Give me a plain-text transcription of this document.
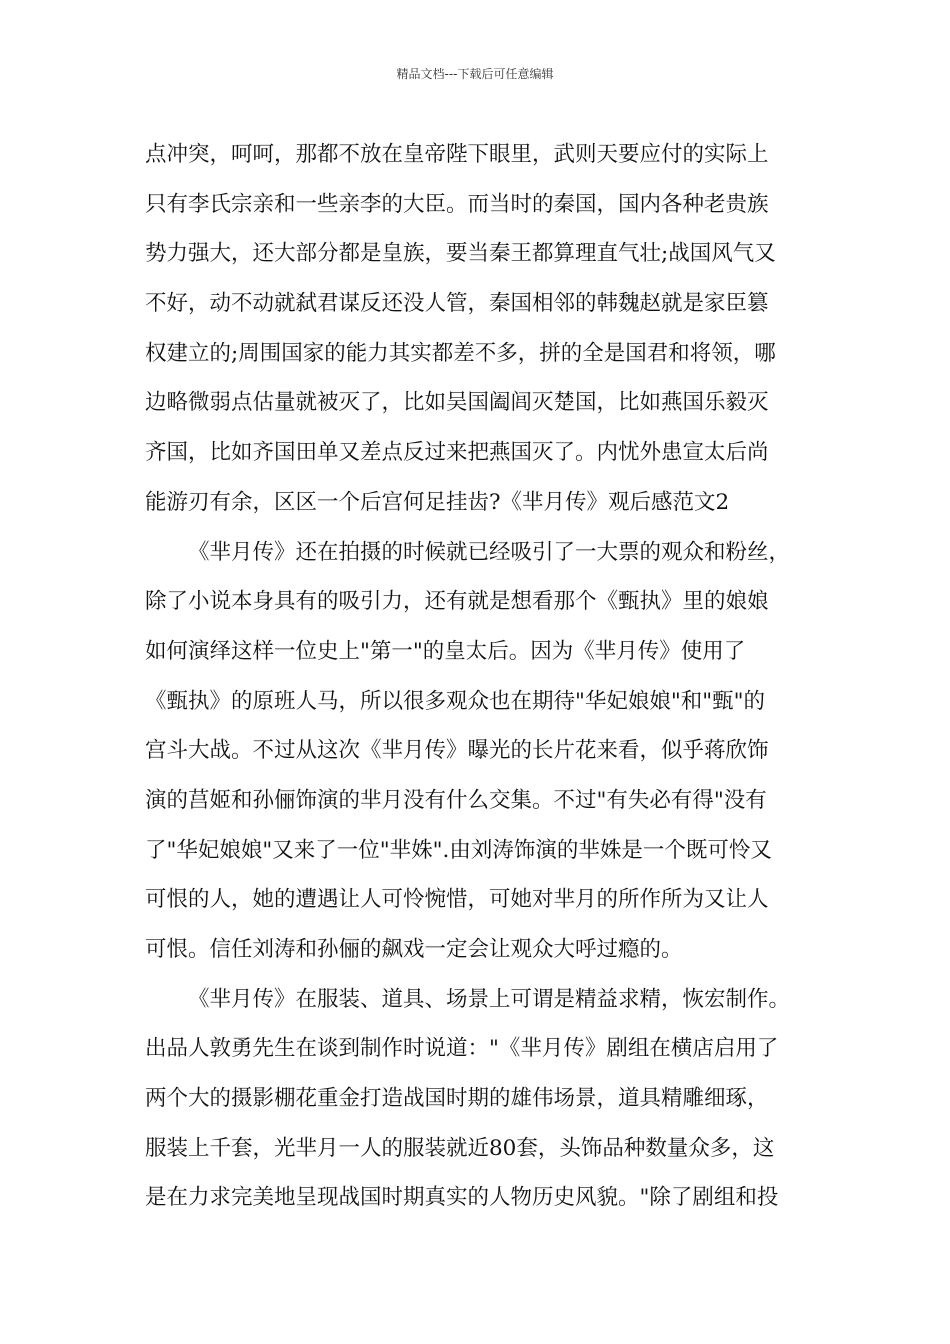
精品文档---下载后可任意编辑
点冲突，呵呵，那都不放在皇帝陛下眼里，武则天要应付的实际上
只有李氏宗亲和一些亲李的大臣。而当时的秦国，国内各种老贵族
势力强大，还大部分都是皇族，要当秦王都算理直气壮;战国风气又
不好，动不动就弑君谋反还没人管，秦国相邻的韩魏赵就是家臣篡
权建立的;周围国家的能力其实都差不多，拼的全是国君和将领，哪
边略微弱点估量就被灭了，比如吴国阖闾灭楚国，比如燕国乐毅灭
齐国，比如齐国田单又差点反过来把燕国灭了。内忧外患宣太后尚
能游刃有余，区区一个后宫何足挂齿?《芈月传》观后感范文2
《芈月传》还在拍摄的时候就已经吸引了一大票的观众和粉丝，
除了小说本身具有的吸引力，还有就是想看那个《甄执》里的娘娘
如何演绎这样一位史上"第一"的皇太后。因为《芈月传》使用了
《甄执》的原班人马，所以很多观众也在期待"华妃娘娘"和"甄"的
宫斗大战。不过从这次《芈月传》曝光的长片花来看，似乎蒋欣饰
演的莒姬和孙俪饰演的芈月没有什么交集。不过"有失必有得"没有
了"华妃娘娘"又来了一位"芈姝".由刘涛饰演的芈姝是一个既可怜又
可恨的人，她的遭遇让人可怜惋惜，可她对芈月的所作所为又让人
可恨。信任刘涛和孙俪的飙戏一定会让观众大呼过瘾的。
《芈月传》在服装、道具、场景上可谓是精益求精，恢宏制作。
出品人敦勇先生在谈到制作时说道："《芈月传》剧组在横店启用了
两个大的摄影棚花重金打造战国时期的雄伟场景，道具精雕细琢，
服装上千套，光芈月一人的服装就近80套，头饰品种数量众多，这
是在力求完美地呈现战国时期真实的人物历史风貌。"除了剧组和投
